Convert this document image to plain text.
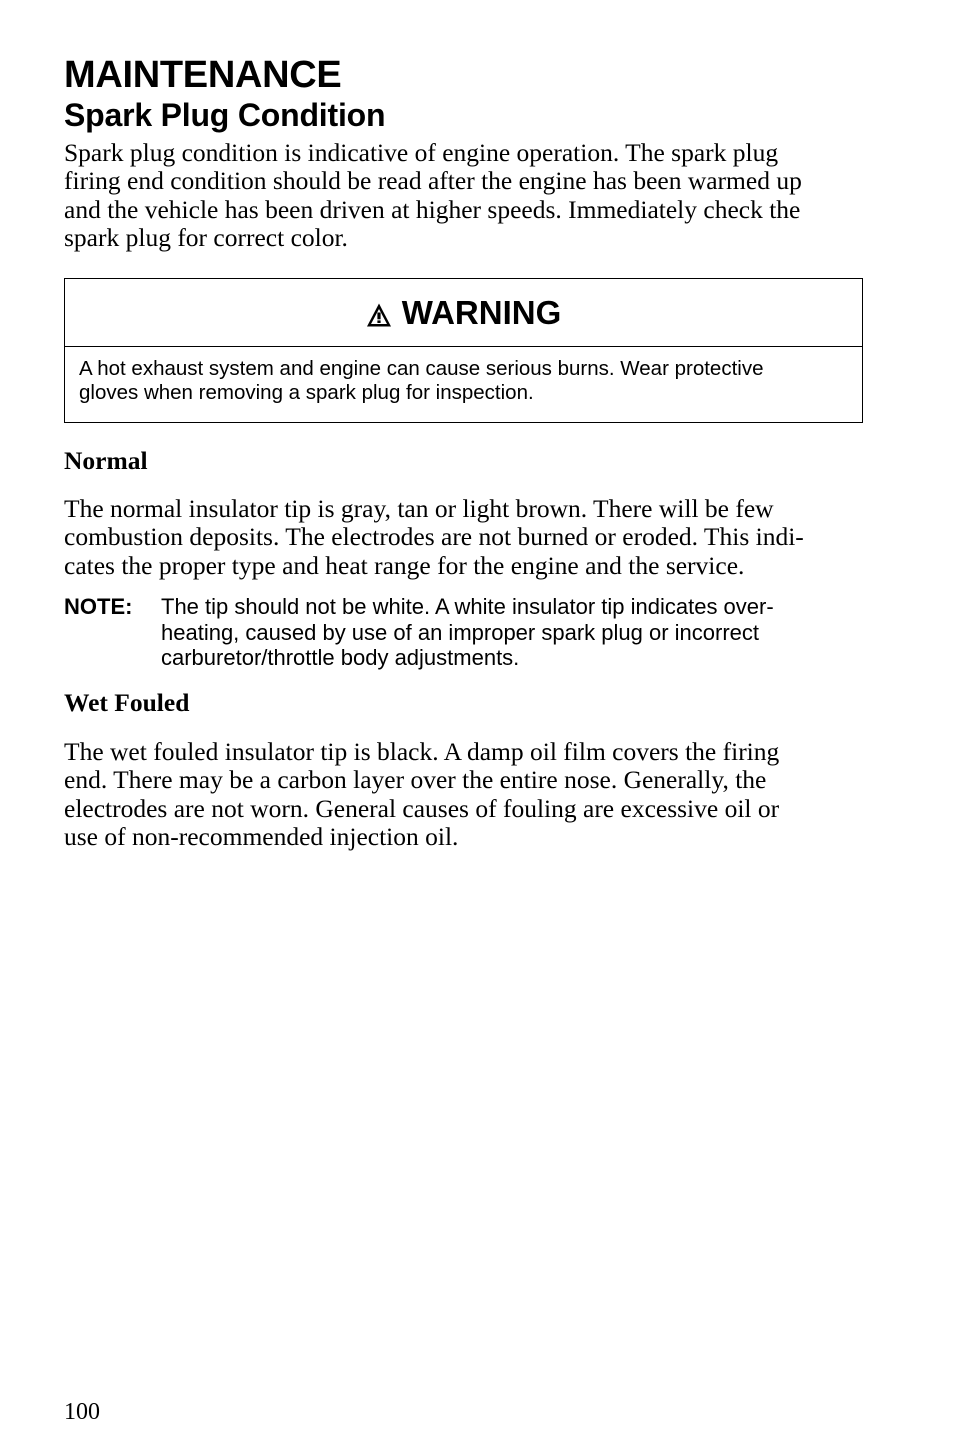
MAINTENANCE
Spark Plug Condition

Spark plug condition is indicative of engine operation. The spark plug
firing end condition should be read after the engine has been warmed up
and the vehicle has been driven at higher speeds. Immediately check the
spark plug for correct color.

WARNING
A hot exhaust system and engine can cause serious burns. Wear protective
gloves when removing a spark plug for inspection.
Normal

The normal insulator tip is gray, tan or light brown. There will be few
combustion deposits. The electrodes are not burned or eroded. This indi-
cates the proper type and heat range for the engine and the service.

NOTE: The tip should not be white. A white insulator tip indicates over-
heating, caused by use of an improper spark plug or incorrect
carburetor/throttle body adjustments.
Wet Fouled

The wet fouled insulator tip is black. A damp oil film covers the firing
end. There may be a carbon layer over the entire nose. Generally, the
electrodes are not worn. General causes of fouling are excessive oil or
use of non-recommended injection oil.

100
